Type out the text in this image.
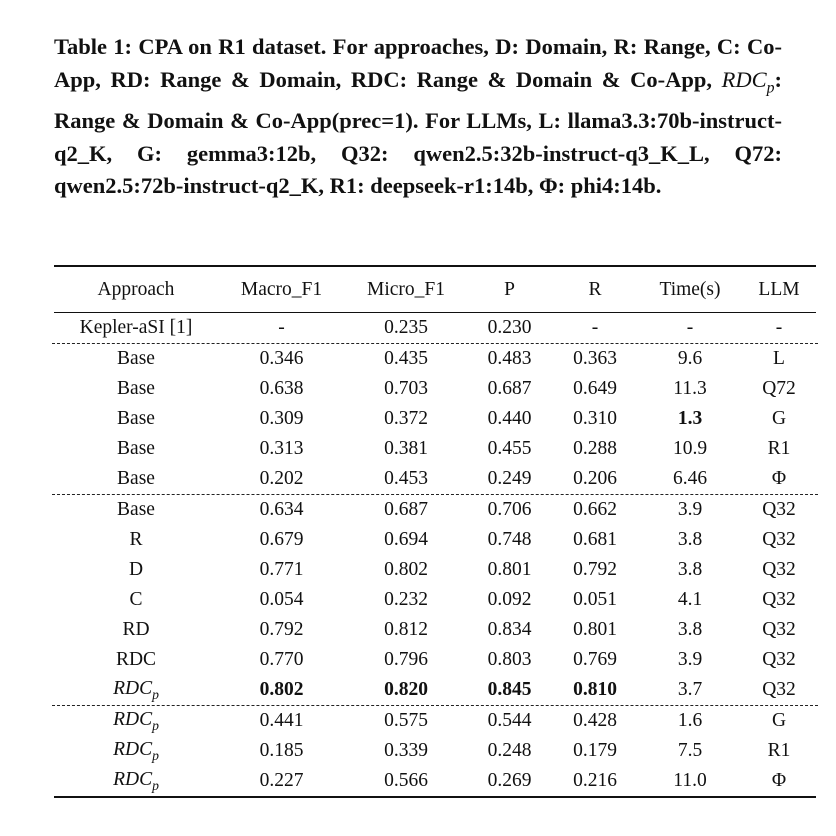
Table 1: CPA on R1 dataset. For approaches, D: Domain, R: Range, C: Co-App, RD: Range & Domain, RDC: Range & Domain & Co-App, $RDC_p$: Range & Domain & Co-App(prec=1). For LLMs, L: llama3.3:70b-instruct-q2_K, G: gemma3:12b, Q32: qwen2.5:32b-instruct-q3_K_L, Q72: qwen2.5:72b-instruct-q2_K, R1: deepseek-r1:14b, Φ: phi4:14b.
Approach	Macro_F1	Micro_F1	P	R	Time(s)	LLM
Kepler-aSI [1]	-	0.235	0.230	-	-	-
Base	0.346	0.435	0.483	0.363	9.6	L
Base	0.638	0.703	0.687	0.649	11.3	Q72
Base	0.309	0.372	0.440	0.310	1.3	G
Base	0.313	0.381	0.455	0.288	10.9	R1
Base	0.202	0.453	0.249	0.206	6.46	Φ
Base	0.634	0.687	0.706	0.662	3.9	Q32
R	0.679	0.694	0.748	0.681	3.8	Q32
D	0.771	0.802	0.801	0.792	3.8	Q32
C	0.054	0.232	0.092	0.051	4.1	Q32
RD	0.792	0.812	0.834	0.801	3.8	Q32
RDC	0.770	0.796	0.803	0.769	3.9	Q32
$RDC_p$	0.802	0.820	0.845	0.810	3.7	Q32
$RDC_p$	0.441	0.575	0.544	0.428	1.6	G
$RDC_p$	0.185	0.339	0.248	0.179	7.5	R1
$RDC_p$	0.227	0.566	0.269	0.216	11.0	Φ
